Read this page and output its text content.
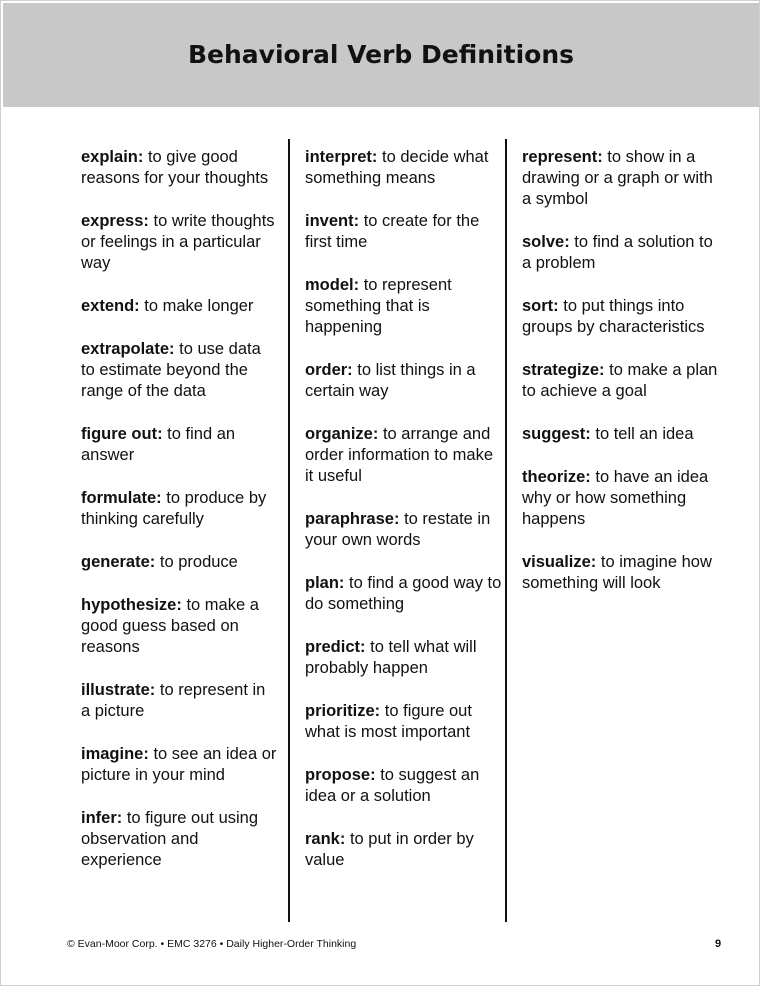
Behavioral Verb Definitions
explain: to give good reasons for your thoughts
express: to write thoughts or feelings in a particular way
extend: to make longer
extrapolate: to use data to estimate beyond the range of the data
figure out: to find an answer
formulate: to produce by thinking carefully
generate: to produce
hypothesize: to make a good guess based on reasons
illustrate: to represent in a picture
imagine: to see an idea or picture in your mind
infer: to figure out using observation and experience
interpret: to decide what something means
invent: to create for the first time
model: to represent something that is happening
order: to list things in a certain way
organize: to arrange and order information to make it useful
paraphrase: to restate in your own words
plan: to find a good way to do something
predict: to tell what will probably happen
prioritize: to figure out what is most important
propose: to suggest an idea or a solution
rank: to put in order by value
represent: to show in a drawing or a graph or with a symbol
solve: to find a solution to a problem
sort: to put things into groups by characteristics
strategize: to make a plan to achieve a goal
suggest: to tell an idea
theorize: to have an idea why or how something happens
visualize: to imagine how something will look
© Evan-Moor Corp. • EMC 3276 • Daily Higher-Order Thinking	9
